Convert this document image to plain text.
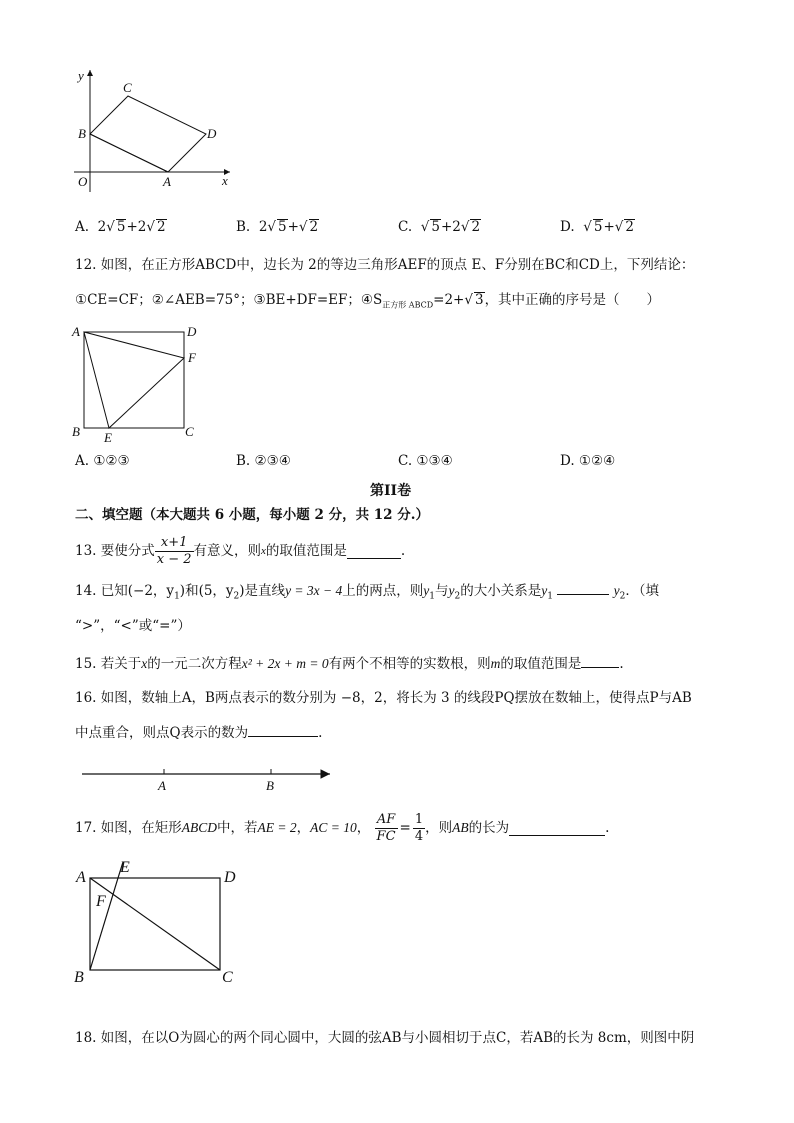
y
x
O
B
C
D
A
A. 2√ 5+2√ 2	B. 2√ 5+√ 2	C. √ 5+2√ 2	D. √ 5+√ 2
12. 如图，在正方形ABCD中，边长为 2的等边三角形AEF的顶点 E、F分别在BC和CD上，下列结论：
①CE=CF；②∠AEB=75°；③BE+DF=EF；$④S_{正方形 ABCD}=2+√$ 3，其中正确的序号是（　　）
A	D
F
B E	C
A. ①②③	B. ②③④	C. ①③④	D. ①②④
第II卷
二、填空题（本大题共 6 小题，每小题 2 分，共 12 分.）
13. 要使分式 $\frac{x+1}{x - 2}$ 有意义，则 x 的取值范围是	.
14. 已知(−2，$y_1$)和(5，$y_2$)是直线y = 3x − 4上的两点，则$y_1$与$y_2$的大小关系是$y_1$	$y_2$．（填
“>”，“<”或“=”）
15. 若关于x的一元二次方程x² + 2x + m = 0有两个不相等的实数根，则m的取值范围是	.
16. 如图，数轴上A，B两点表示的数分别为 −8，2，将长为 3 的线段PQ摆放在数轴上，使得点P与AB
中点重合，则点Q表示的数为	.
A	B
17. 如图，在矩形 ABCD 中，若 AE = 2 ， AC = 10 ， $\frac{AF}{FC} = \frac{1}{4}$ ，则 AB 的长为	.
A
E
D
F
B	C
18. 如图，在以O为圆心的两个同心圆中，大圆的弦AB与小圆相切于点C，若AB的长为 8cm，则图中阴
